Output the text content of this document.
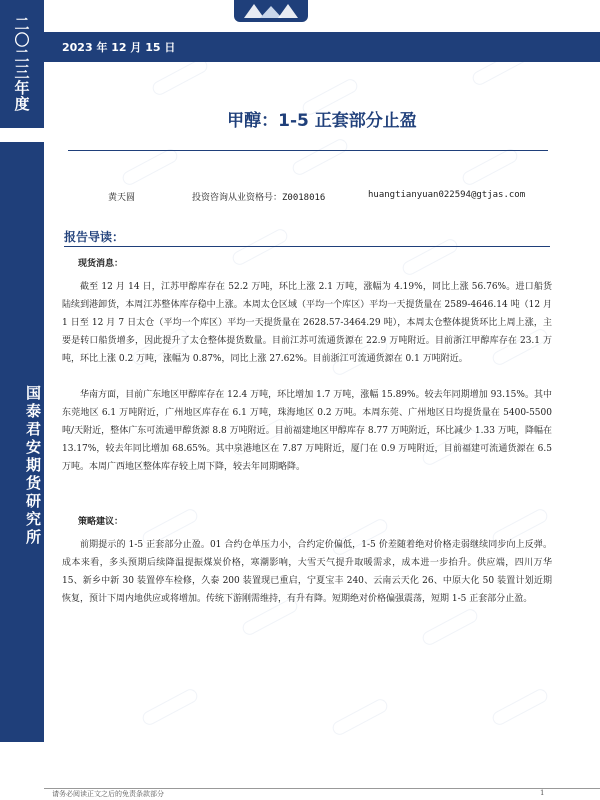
二〇二三年度
国泰君安期货研究所
2023 年 12 月 15 日
甲醇：1-5 正套部分止盈
黄天圆	投资咨询从业资格号：Z0018016	huangtianyuan022594@gtjas.com
报告导读：
现货消息：
截至 12 月 14 日，江苏甲醇库存在 52.2 万吨，环比上涨 2.1 万吨，涨幅为 4.19%，同比上涨 56.76%。进口船货陆续到港卸货，本周江苏整体库存稳中上涨。本周太仓区域（平均一个库区）平均一天提货量在 2589-4646.14 吨（12 月 1 日至 12 月 7 日太仓（平均一个库区）平均一天提货量在 2628.57-3464.29 吨），本周太仓整体提货环比上周上涨，主要是转口船货增多，因此提升了太仓整体提货数量。目前江苏可流通货源在 22.9 万吨附近。目前浙江甲醇库存在 23.1 万吨，环比上涨 0.2 万吨，涨幅为 0.87%，同比上涨 27.62%。目前浙江可流通货源在 0.1 万吨附近。
华南方面，目前广东地区甲醇库存在 12.4 万吨，环比增加 1.7 万吨，涨幅 15.89%。较去年同期增加 93.15%。其中东莞地区 6.1 万吨附近，广州地区库存在 6.1 万吨，珠海地区 0.2 万吨。本周东莞、广州地区日均提货量在 5400-5500 吨/天附近，整体广东可流通甲醇货源 8.8 万吨附近。目前福建地区甲醇库存 8.77 万吨附近，环比减少 1.33 万吨，降幅在 13.17%，较去年同比增加 68.65%。其中泉港地区在 7.87 万吨附近，厦门在 0.9 万吨附近，目前福建可流通货源在 6.5 万吨。本周广西地区整体库存较上周下降，较去年同期略降。
策略建议：
前期提示的 1-5 正套部分止盈。01 合约仓单压力小，合约定价偏低，1-5 价差随着绝对价格走弱继续同步向上反弹。成本来看，多头预期后续降温提振煤炭价格，寒潮影响，大雪天气提升取暖需求，成本进一步抬升。供应端，四川万华 15、新乡中新 30 装置停车检修，久泰 200 装置现已重启，宁夏宝丰 240、云南云天化 26、中原大化 50 装置计划近期恢复，预计下周内地供应或将增加。传统下游刚需维持，有升有降。短期绝对价格偏强震荡，短期 1-5 正套部分止盈。
请务必阅读正文之后的免责条款部分	1
